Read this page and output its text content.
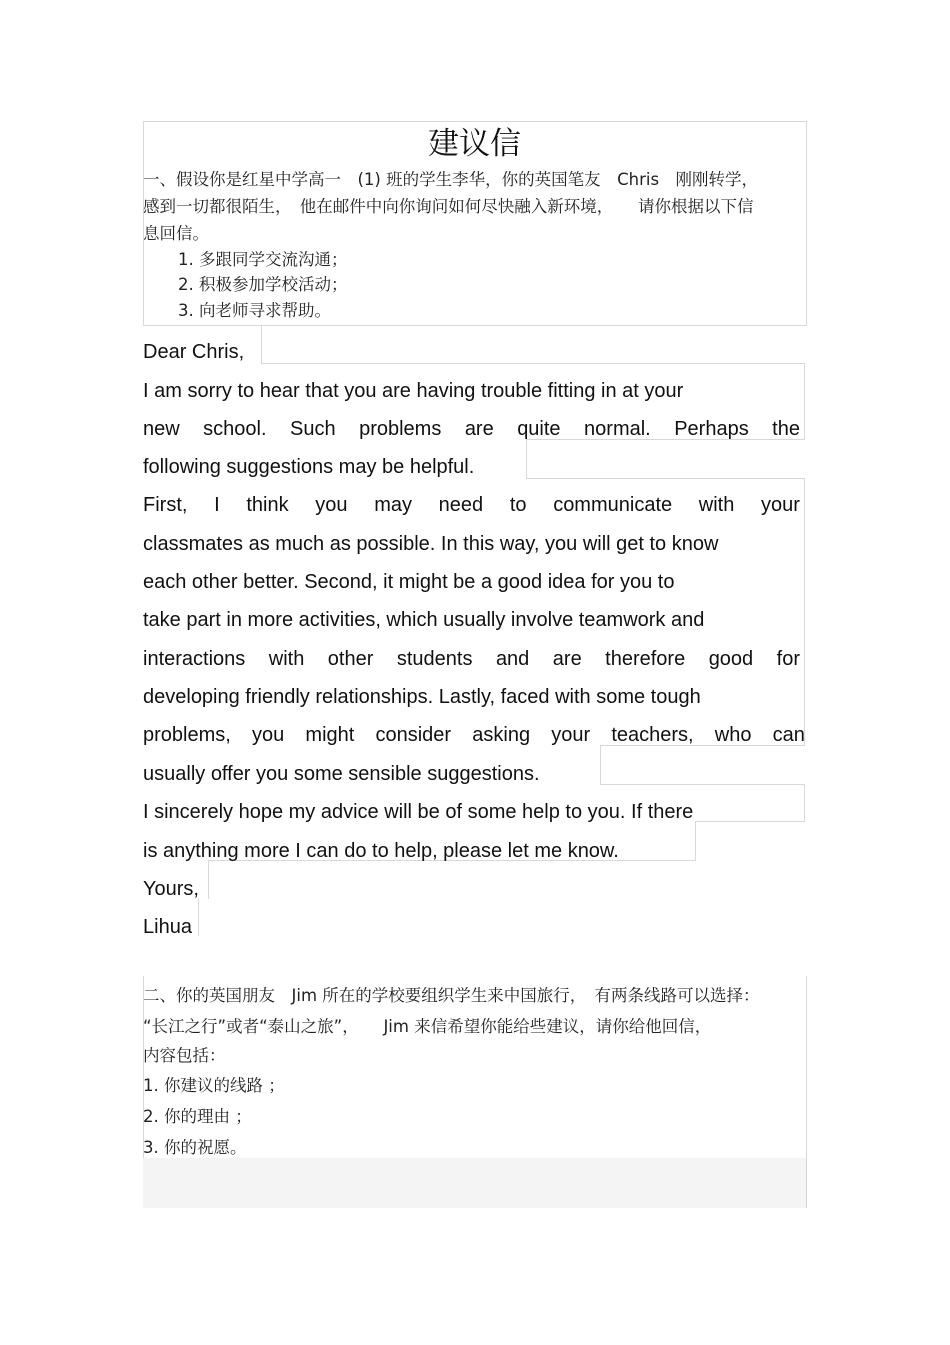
建议信
一、假设你是红星中学高一　(1) 班的学生李华，你的英国笔友　Chris　刚刚转学，
感到一切都很陌生，　他在邮件中向你询问如何尽快融入新环境，　　请你根据以下信
息回信。
1. 多跟同学交流沟通；
2. 积极参加学校活动；
3. 向老师寻求帮助。
Dear Chris,
I am sorry to hear that you are having trouble fitting in at your
new school. Such problems are quite normal. Perhaps the
following suggestions may be helpful.
First, I think you may need to communicate with your
classmates as much as possible. In this way, you will get to know
each other better. Second, it might be a good idea for you to
take part in more activities, which usually involve teamwork and
interactions with other students and are therefore good for
developing friendly relationships. Lastly, faced with some tough
problems, you might consider asking your teachers, who can
usually offer you some sensible suggestions.
I sincerely hope my advice will be of some help to you. If there
is anything more I can do to help, please let me know.
Yours,
Lihua
二、你的英国朋友　Jim 所在的学校要组织学生来中国旅行，　有两条线路可以选择：
“长江之行”或者“泰山之旅”，　　Jim 来信希望你能给些建议，请你给他回信，
内容包括：
1. 你建议的线路 ；
2. 你的理由 ；
3. 你的祝愿。
